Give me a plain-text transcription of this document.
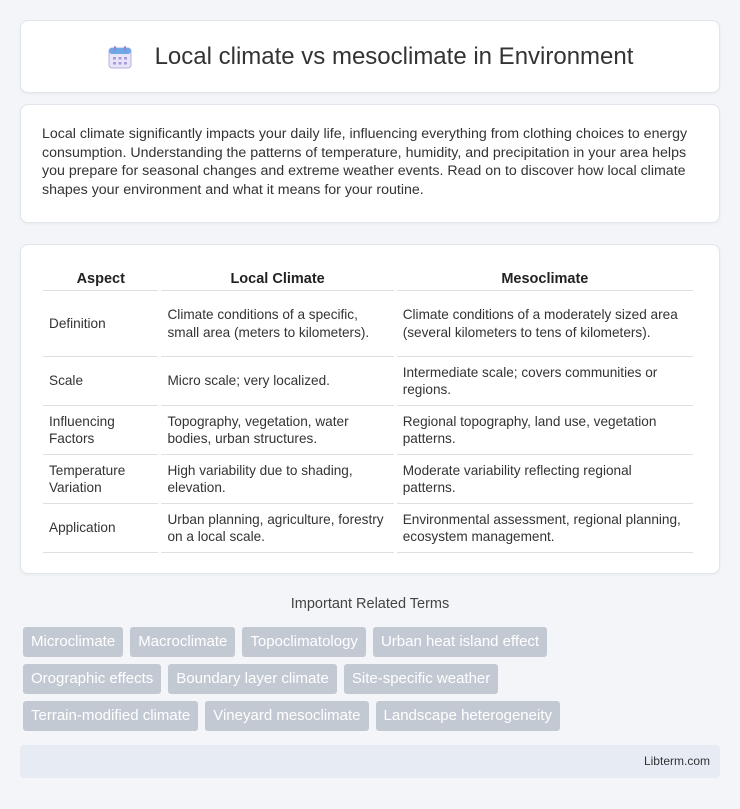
Local climate vs mesoclimate in Environment

Local climate significantly impacts your daily life, influencing everything from clothing choices to energy consumption. Understanding the patterns of temperature, humidity, and precipitation in your area helps you prepare for seasonal changes and extreme weather events. Read on to discover how local climate shapes your environment and what it means for your routine.

Aspect	Local Climate	Mesoclimate
Definition	Climate conditions of a specific, small area (meters to kilometers).	Climate conditions of a moderately sized area (several kilometers to tens of kilometers).
Scale	Micro scale; very localized.	Intermediate scale; covers communities or regions.
Influencing Factors	Topography, vegetation, water bodies, urban structures.	Regional topography, land use, vegetation patterns.
Temperature Variation	High variability due to shading, elevation.	Moderate variability reflecting regional patterns.
Application	Urban planning, agriculture, forestry on a local scale.	Environmental assessment, regional planning, ecosystem management.
Important Related Terms
Microclimate	Macroclimate	Topoclimatology	Urban heat island effect
Orographic effects	Boundary layer climate	Site-specific weather
Terrain-modified climate	Vineyard mesoclimate	Landscape heterogeneity
Libterm.com
